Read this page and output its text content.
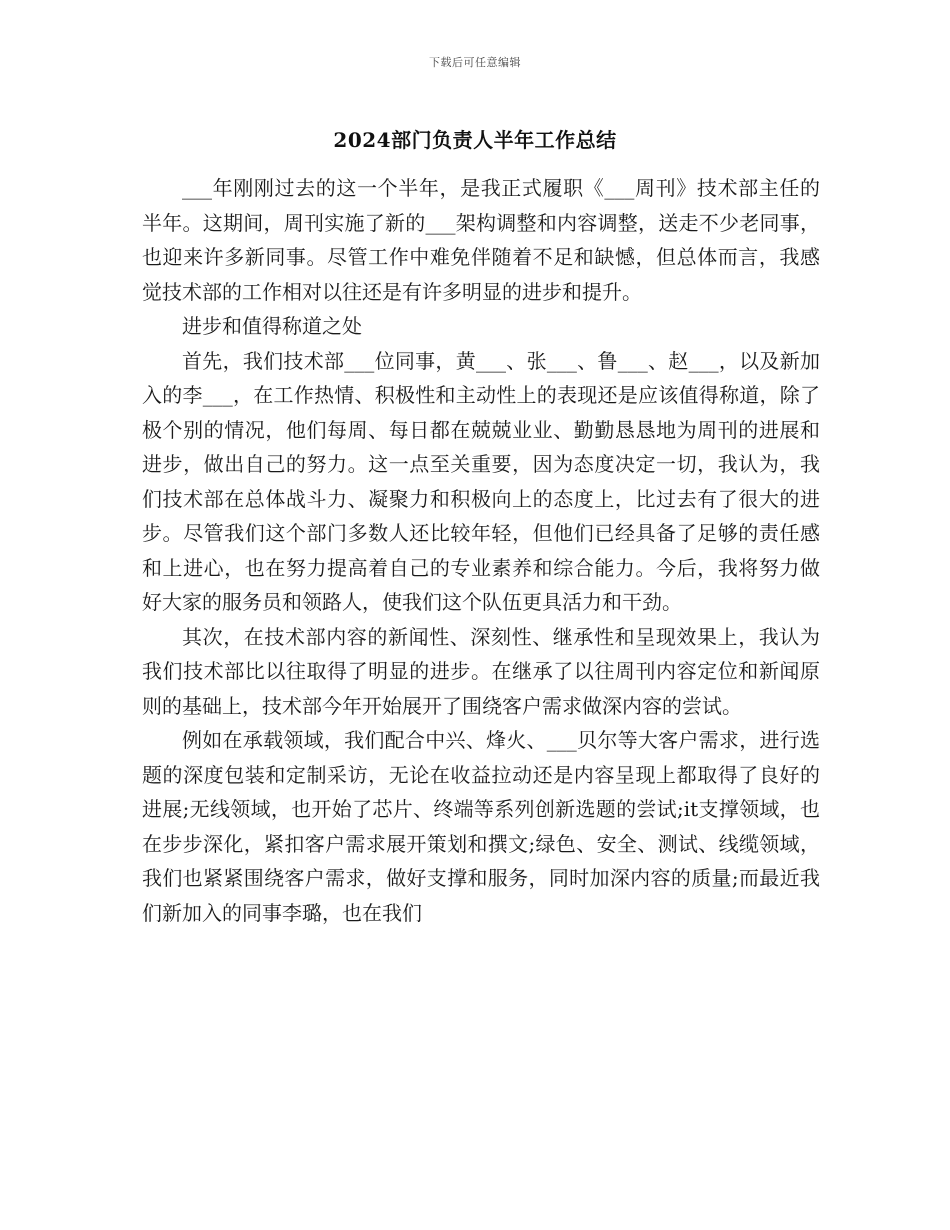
下载后可任意编辑
2024部门负责人半年工作总结

___年刚刚过去的这一个半年，是我正式履职《___周刊》技术部主任的半年。这期间，周刊实施了新的___架构调整和内容调整，送走不少老同事，也迎来许多新同事。尽管工作中难免伴随着不足和缺憾，但总体而言，我感觉技术部的工作相对以往还是有许多明显的进步和提升。

进步和值得称道之处

首先，我们技术部___位同事，黄___、张___、鲁___、赵___，以及新加入的李___，在工作热情、积极性和主动性上的表现还是应该值得称道，除了极个别的情况，他们每周、每日都在兢兢业业、勤勤恳恳地为周刊的进展和进步，做出自己的努力。这一点至关重要，因为态度决定一切，我认为，我们技术部在总体战斗力、凝聚力和积极向上的态度上，比过去有了很大的进步。尽管我们这个部门多数人还比较年轻，但他们已经具备了足够的责任感和上进心，也在努力提高着自己的专业素养和综合能力。今后，我将努力做好大家的服务员和领路人，使我们这个队伍更具活力和干劲。

其次，在技术部内容的新闻性、深刻性、继承性和呈现效果上，我认为我们技术部比以往取得了明显的进步。在继承了以往周刊内容定位和新闻原则的基础上，技术部今年开始展开了围绕客户需求做深内容的尝试。

例如在承载领域，我们配合中兴、烽火、___贝尔等大客户需求，进行选题的深度包装和定制采访，无论在收益拉动还是内容呈现上都取得了良好的进展;无线领域，也开始了芯片、终端等系列创新选题的尝试;it支撑领域，也在步步深化，紧扣客户需求展开策划和撰文;绿色、安全、测试、线缆领域，我们也紧紧围绕客户需求，做好支撑和服务，同时加深内容的质量;而最近我们新加入的同事李璐，也在我们
